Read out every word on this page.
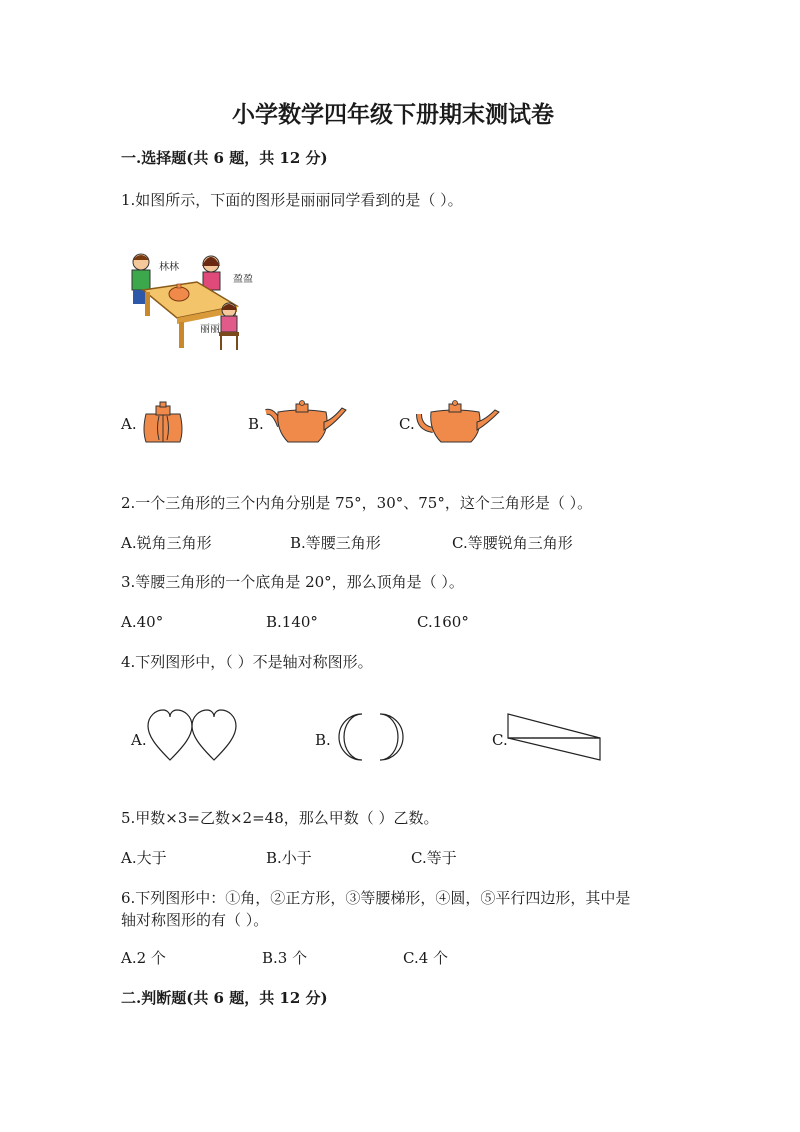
小学数学四年级下册期末测试卷
一.选择题(共 6 题，共 12 分)
1.如图所示，下面的图形是丽丽同学看到的是（ ）。
林林
盈盈
丽丽
A.	B.	C.
2.一个三角形的三个内角分别是 75°，30°、75°，这个三角形是（ ）。
A.锐角三角形	B.等腰三角形	C.等腰锐角三角形
3.等腰三角形的一个底角是 20°，那么顶角是（ ）。
A.40°	B.140°	C.160°
4.下列图形中，（ ）不是轴对称图形。
A.	B.	C.
5.甲数×3=乙数×2=48，那么甲数（ ）乙数。
A.大于	B.小于	C.等于
6.下列图形中：①角，②正方形，③等腰梯形，④圆，⑤平行四边形，其中是
轴对称图形的有（ ）。
A.2 个	B.3 个	C.4 个
二.判断题(共 6 题，共 12 分)
